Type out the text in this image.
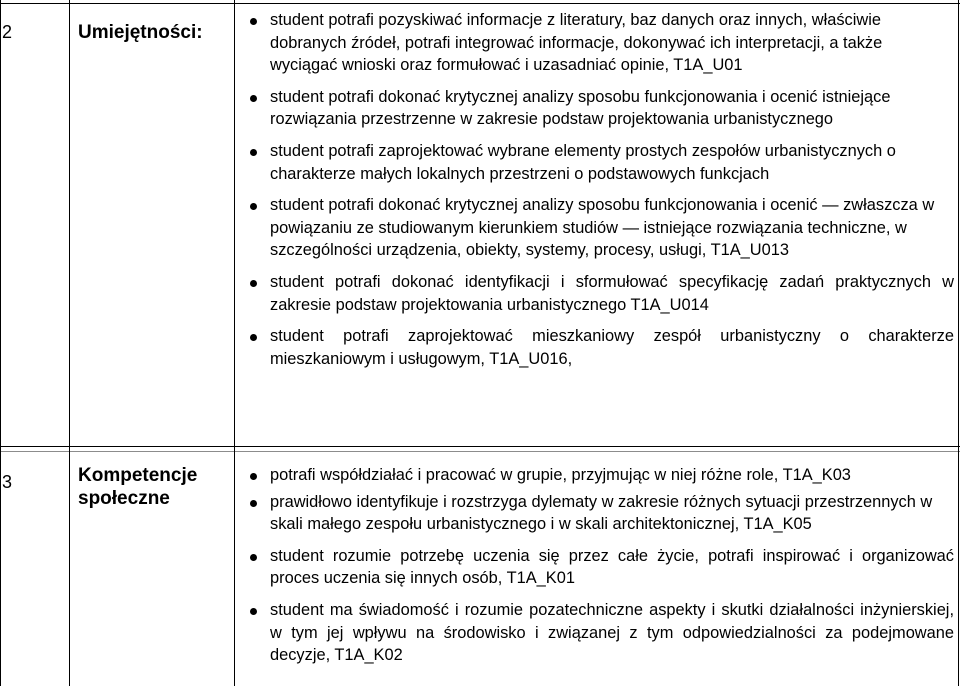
2	Umiejętności:
student potrafi pozyskiwać informacje z literatury, baz danych oraz innych, właściwie dobranych źródeł, potrafi integrować informacje, dokonywać ich interpretacji, a także wyciągać wnioski oraz formułować i uzasadniać opinie, T1A_U01
student potrafi dokonać krytycznej analizy sposobu funkcjonowania i ocenić istniejące rozwiązania przestrzenne w zakresie podstaw projektowania urbanistycznego
student potrafi zaprojektować wybrane elementy prostych zespołów urbanistycznych o charakterze małych lokalnych przestrzeni o podstawowych funkcjach
student potrafi dokonać krytycznej analizy sposobu funkcjonowania i ocenić — zwłaszcza w powiązaniu ze studiowanym kierunkiem studiów — istniejące rozwiązania techniczne, w szczególności urządzenia, obiekty, systemy, procesy, usługi, T1A_U013
student potrafi dokonać identyfikacji i sformułować specyfikację zadań praktycznych w zakresie podstaw projektowania urbanistycznego T1A_U014
student potrafi zaprojektować mieszkaniowy zespół urbanistyczny o charakterze mieszkaniowym i usługowym, T1A_U016,
3	Kompetencje społeczne
potrafi współdziałać i pracować w grupie, przyjmując w niej różne role, T1A_K03
prawidłowo identyfikuje i rozstrzyga dylematy w zakresie różnych sytuacji przestrzennych w skali małego zespołu urbanistycznego i w skali architektonicznej, T1A_K05
student rozumie potrzebę uczenia się przez całe życie, potrafi inspirować i organizować proces uczenia się innych osób, T1A_K01
student ma świadomość i rozumie pozatechniczne aspekty i skutki działalności inżynierskiej, w tym jej wpływu na środowisko i związanej z tym odpowiedzialności za podejmowane decyzje, T1A_K02
